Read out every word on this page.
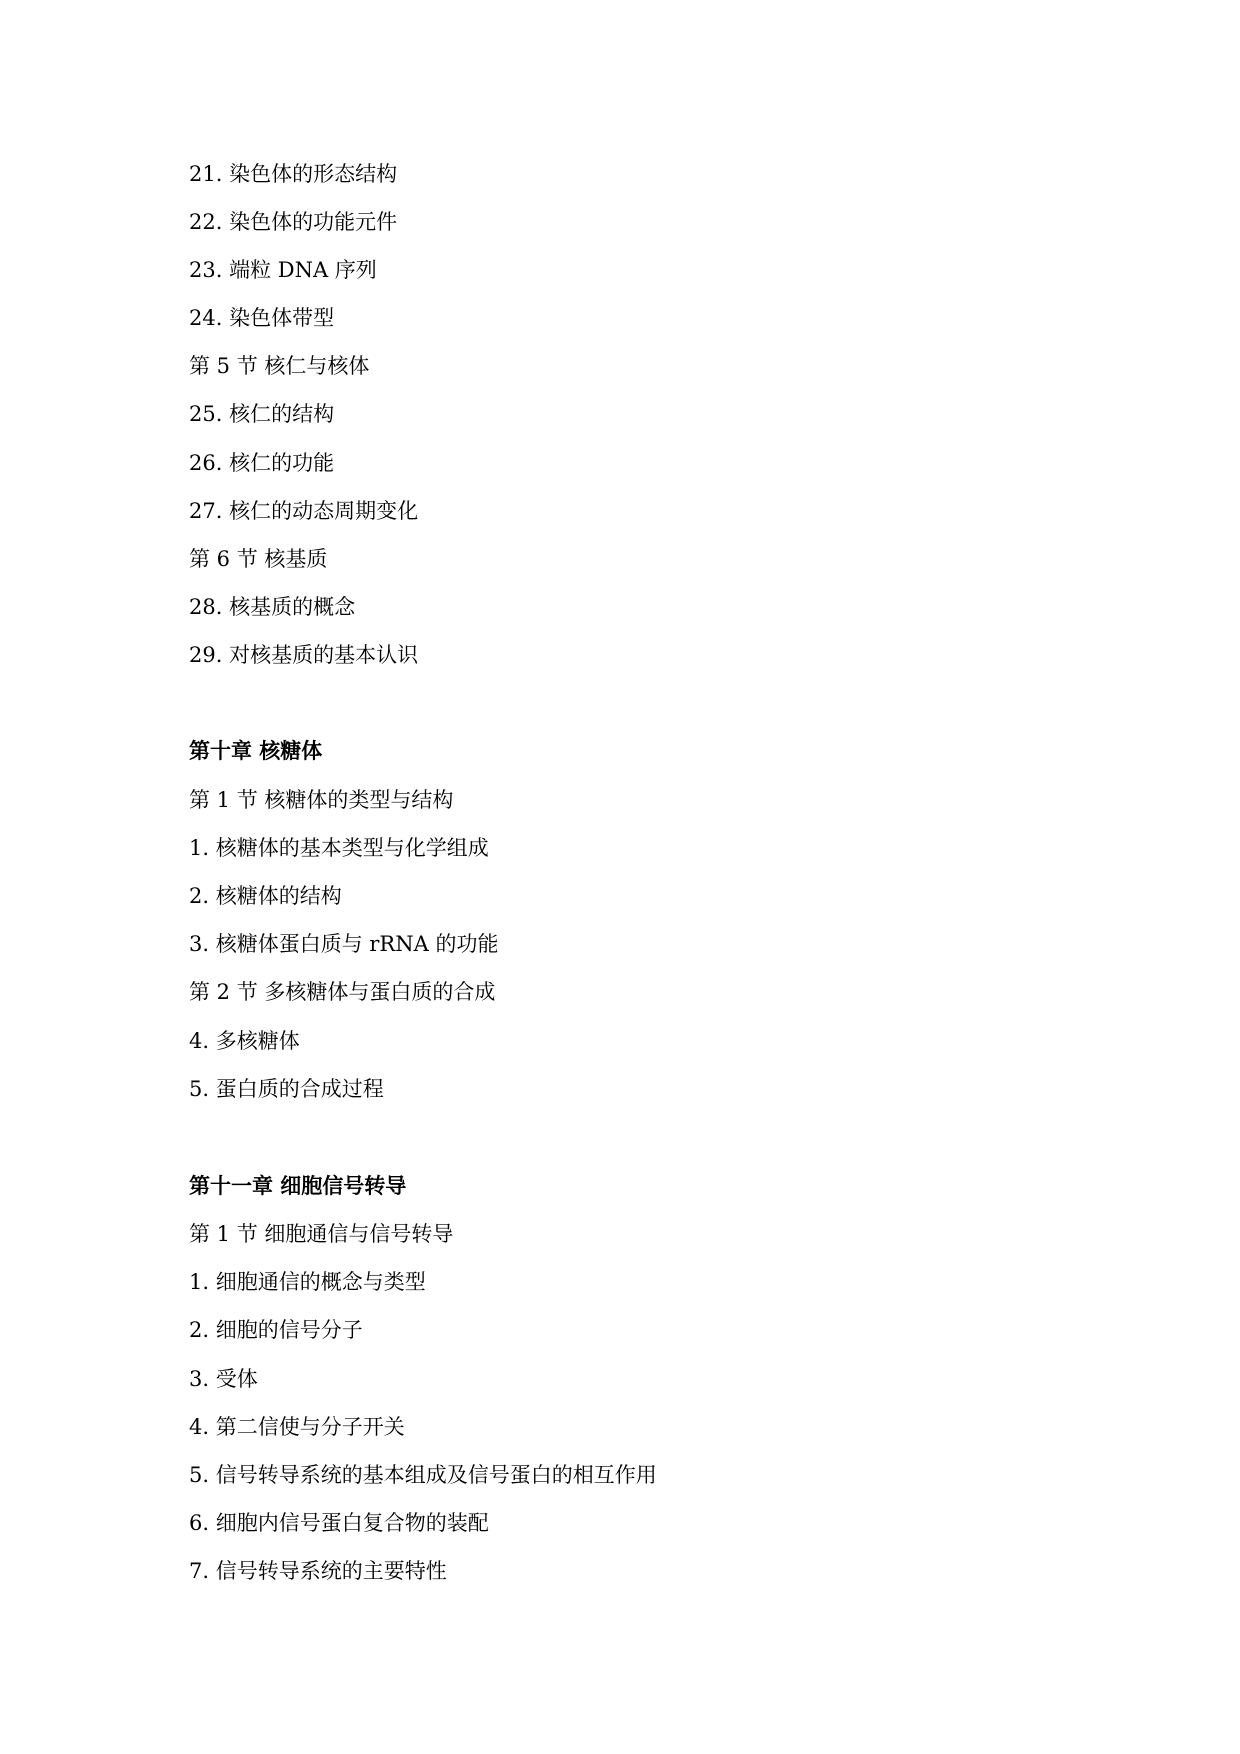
21. 染色体的形态结构
22. 染色体的功能元件
23. 端粒 DNA 序列
24. 染色体带型
第 5 节 核仁与核体
25. 核仁的结构
26. 核仁的功能
27. 核仁的动态周期变化
第 6 节 核基质
28. 核基质的概念
29. 对核基质的基本认识
第十章 核糖体
第 1 节 核糖体的类型与结构
1. 核糖体的基本类型与化学组成
2. 核糖体的结构
3. 核糖体蛋白质与 rRNA 的功能
第 2 节 多核糖体与蛋白质的合成
4. 多核糖体
5. 蛋白质的合成过程
第十一章 细胞信号转导
第 1 节 细胞通信与信号转导
1. 细胞通信的概念与类型
2. 细胞的信号分子
3. 受体
4. 第二信使与分子开关
5. 信号转导系统的基本组成及信号蛋白的相互作用
6. 细胞内信号蛋白复合物的装配
7. 信号转导系统的主要特性
